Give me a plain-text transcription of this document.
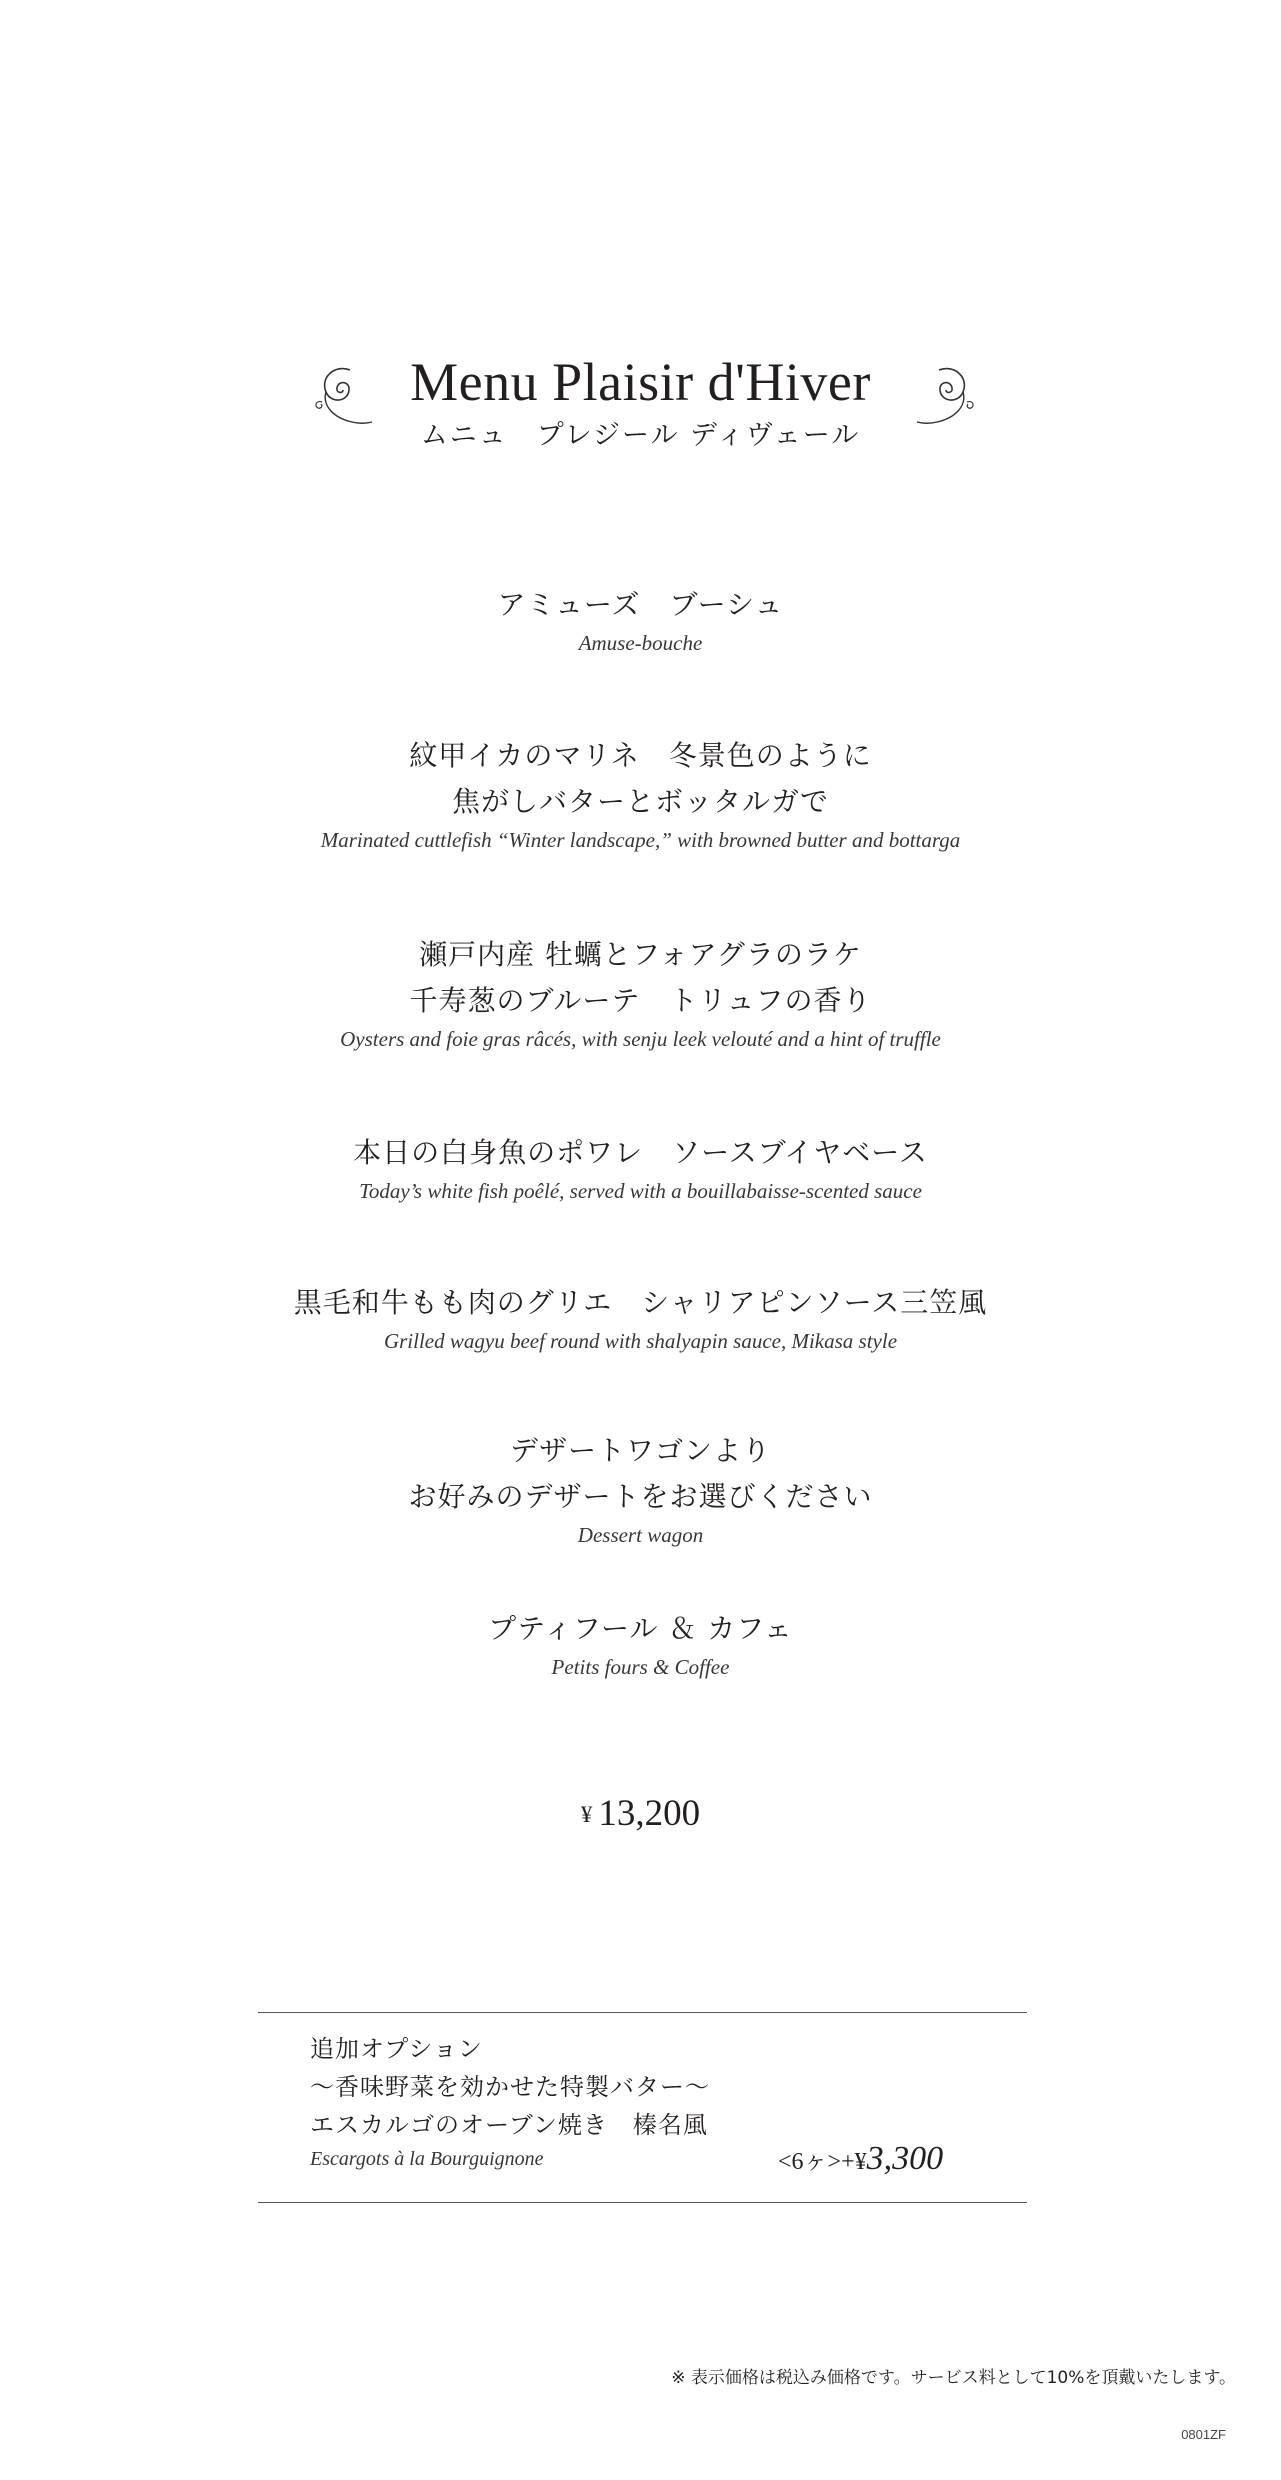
Menu Plaisir d'Hiver
ムニュ　プレジール ディヴェール
アミューズ　ブーシュ
Amuse-bouche
紋甲イカのマリネ　冬景色のように
焦がしバターとボッタルガで
Marinated cuttlefish “Winter landscape,” with browned butter and bottarga
瀬戸内産 牡蠣とフォアグラのラケ
千寿葱のブルーテ　トリュフの香り
Oysters and foie gras râcés, with senju leek velouté and a hint of truffle
本日の白身魚のポワレ　ソースブイヤベース
Today’s white fish poêlé, served with a bouillabaisse-scented sauce
黒毛和牛もも肉のグリエ　シャリアピンソース三笠風
Grilled wagyu beef round with shalyapin sauce, Mikasa style
デザートワゴンより
お好みのデザートをお選びください
Dessert wagon
プティフール ＆ カフェ
Petits fours & Coffee
¥ 13,200
追加オプション
～香味野菜を効かせた特製バター～
エスカルゴのオーブン焼き　榛名風
Escargots à la Bourguignone	<6ヶ>+¥3,300
※ 表示価格は税込み価格です。サービス料として10%を頂戴いたします。
0801ZF
